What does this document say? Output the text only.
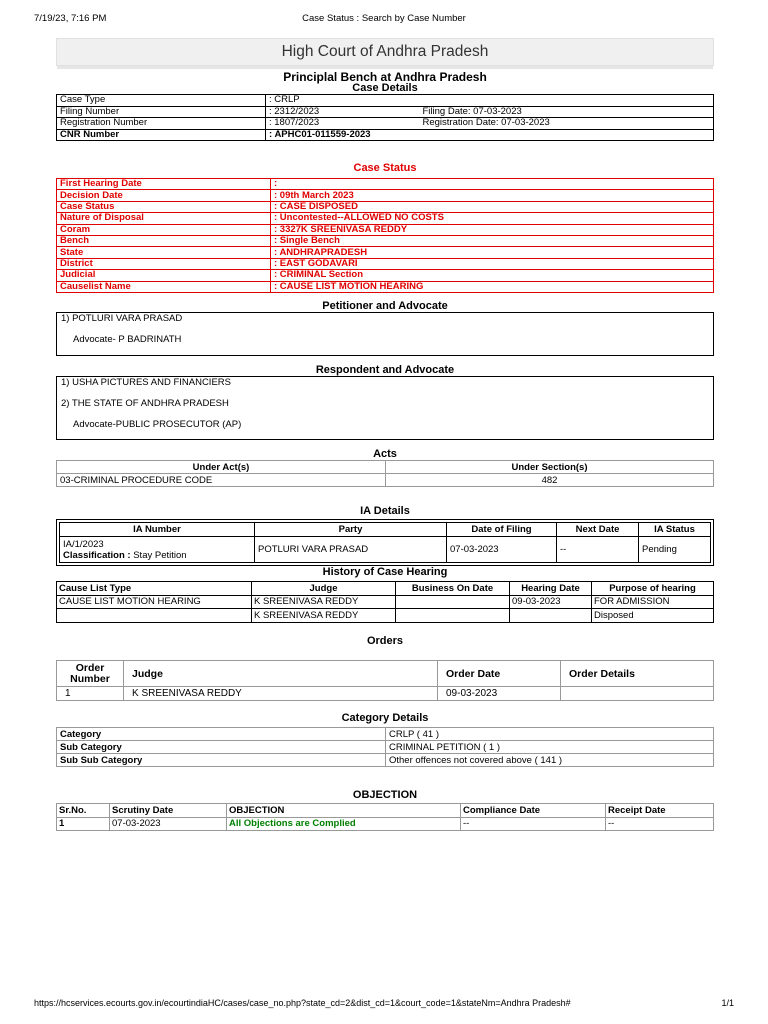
7/19/23, 7:16 PM	Case Status : Search by Case Number
High Court of Andhra Pradesh
Principlal Bench at Andhra Pradesh
Case Details
Case Type	: CRLP	
Filing Number	: 2312/2023	Filing Date: 07-03-2023
Registration Number	: 1807/2023	Registration Date: 07-03-2023
CNR Number	: APHC01-011559-2023	
Case Status
First Hearing Date	:
Decision Date	: 09th March 2023
Case Status	: CASE DISPOSED
Nature of Disposal	: Uncontested--ALLOWED NO COSTS
Coram	: 3327K SREENIVASA REDDY
Bench	: Single Bench
State	: ANDHRAPRADESH
District	: EAST GODAVARI
Judicial	: CRIMINAL Section
Causelist Name	: CAUSE LIST MOTION HEARING
Petitioner and Advocate
1) POTLURI VARA PRASAD
Advocate- P BADRINATH
Respondent and Advocate
1) USHA PICTURES AND FINANCIERS
2) THE STATE OF ANDHRA PRADESH
Advocate-PUBLIC PROSECUTOR (AP)
Acts
Under Act(s)	Under Section(s)
03-CRIMINAL PROCEDURE CODE	482
IA Details
IA Number	Party	Date of Filing	Next Date	IA Status

IA/1/2023
Classification : Stay Petition	POTLURI VARA PRASAD	07-03-2023	--	Pending
History of Case Hearing
Cause List Type	Judge	Business On Date	Hearing Date	Purpose of hearing
CAUSE LIST MOTION HEARING	K SREENIVASA REDDY		09-03-2023	FOR ADMISSION
	K SREENIVASA REDDY			Disposed
Orders
Order
Number	Judge	Order Date	Order Details
1	K SREENIVASA REDDY	09-03-2023	
Category Details
Category	CRLP ( 41 )
Sub Category	CRIMINAL PETITION ( 1 )
Sub Sub Category	Other offences not covered above ( 141 )
OBJECTION
Sr.No.	Scrutiny Date	OBJECTION	Compliance Date	Receipt Date
1	07-03-2023	All Objections are Complied	--	--
https://hcservices.ecourts.gov.in/ecourtindiaHC/cases/case_no.php?state_cd=2&dist_cd=1&court_code=1&stateNm=Andhra Pradesh#	1/1
